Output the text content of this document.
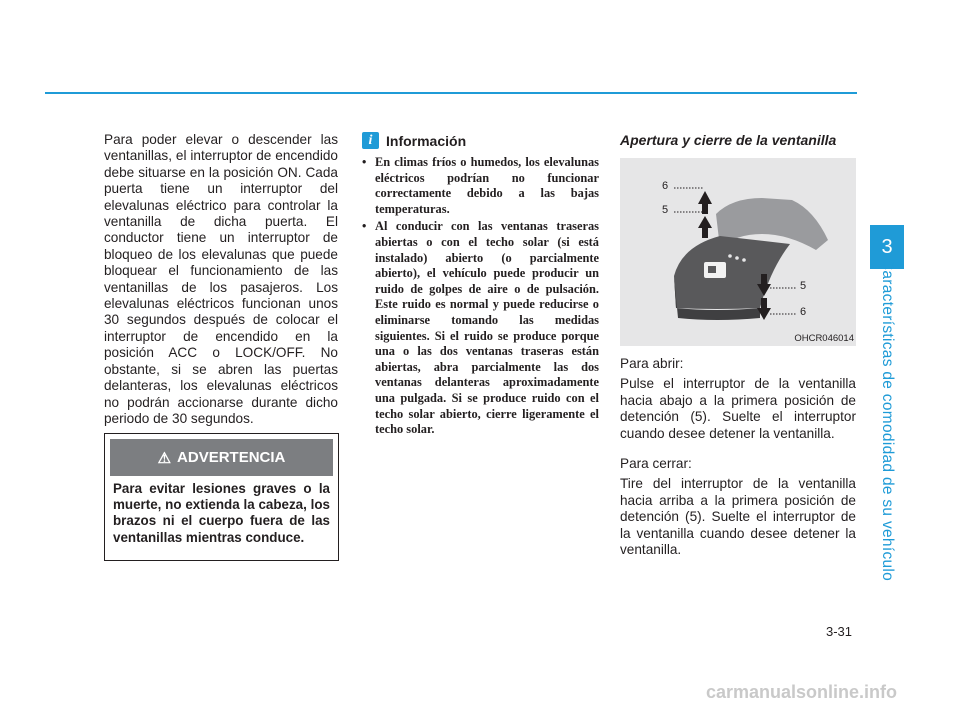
Para poder elevar o descender las ventanillas, el interruptor de encendido debe situarse en la posición ON. Cada puerta tiene un interruptor del elevalunas eléctrico para controlar la ventanilla de dicha puerta. El conductor tiene un interruptor de bloqueo de los elevalunas que puede bloquear el funcionamiento de las ventanillas de los pasajeros. Los elevalunas eléctricos funcionan unos 30 segundos después de colocar el interruptor de encendido en la posición ACC o LOCK/OFF. No obstante, si se abren las puertas delanteras, los elevalunas eléctricos no podrán accionarse durante dicho periodo de 30 segundos.

⚠ ADVERTENCIA

Para evitar lesiones graves o la muerte, no extienda la cabeza, los brazos ni el cuerpo fuera de las ventanillas mientras conduce.

i Información
• En climas fríos o humedos, los elevalunas eléctricos podrían no funcionar correctamente debido a las bajas temperaturas.
• Al conducir con las ventanas traseras abiertas o con el techo solar (si está instalado) abierto (o parcialmente abierto), el vehículo puede producir un ruido de golpes de aire o de pulsación. Este ruido es normal y puede reducirse o eliminarse tomando las medidas siguientes. Si el ruido se produce porque una o las dos ventanas traseras están abiertas, abra parcialmente las dos ventanas delanteras aproximadamente una pulgada. Si se produce ruido con el techo solar abierto, cierre ligeramente el techo solar.

Apertura y cierre de la ventanilla

6
5
5
6
OHCR046014

Para abrir:

Pulse el interruptor de la ventanilla hacia abajo a la primera posición de detención (5). Suelte el interruptor cuando desee detener la ventanilla.

Para cerrar:

Tire del interruptor de la ventanilla hacia arriba a la primera posición de detención (5). Suelte el interruptor de la ventanilla cuando desee detener la ventanilla.

3
Características de comodidad de su vehículo
3-31
carmanualsonline.info
